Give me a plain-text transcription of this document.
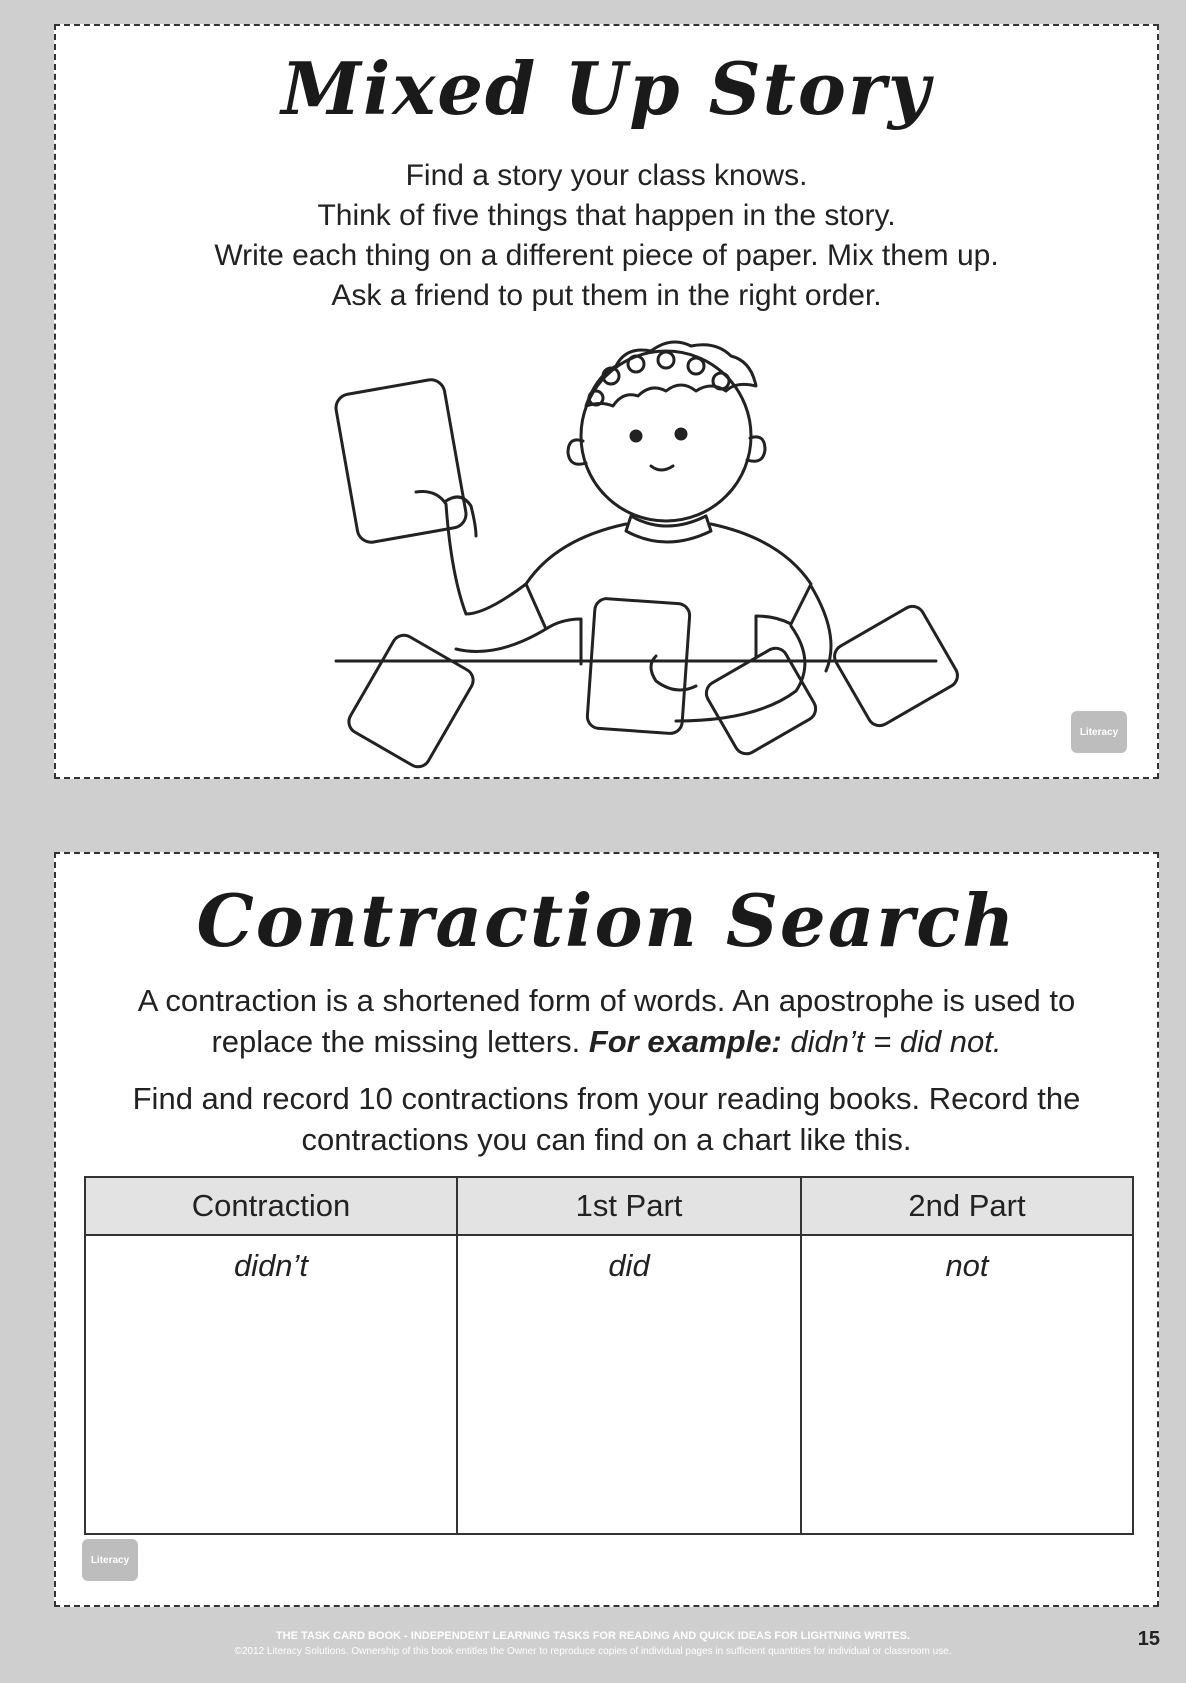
Mixed Up Story
Find a story your class knows.
Think of five things that happen in the story.
Write each thing on a different piece of paper. Mix them up.
Ask a friend to put them in the right order.
Literacy
Contraction Search
A contraction is a shortened form of words. An apostrophe is used to replace the missing letters. For example: didn’t = did not.
Find and record 10 contractions from your reading books. Record the contractions you can find on a chart like this.
Contraction	1st Part	2nd Part
didn’t	did	not
Literacy
THE TASK CARD BOOK - INDEPENDENT LEARNING TASKS FOR READING AND QUICK IDEAS FOR LIGHTNING WRITES.
©2012 Literacy Solutions. Ownership of this book entitles the Owner to reproduce copies of individual pages in sufficient quantities for individual or classroom use.
15
